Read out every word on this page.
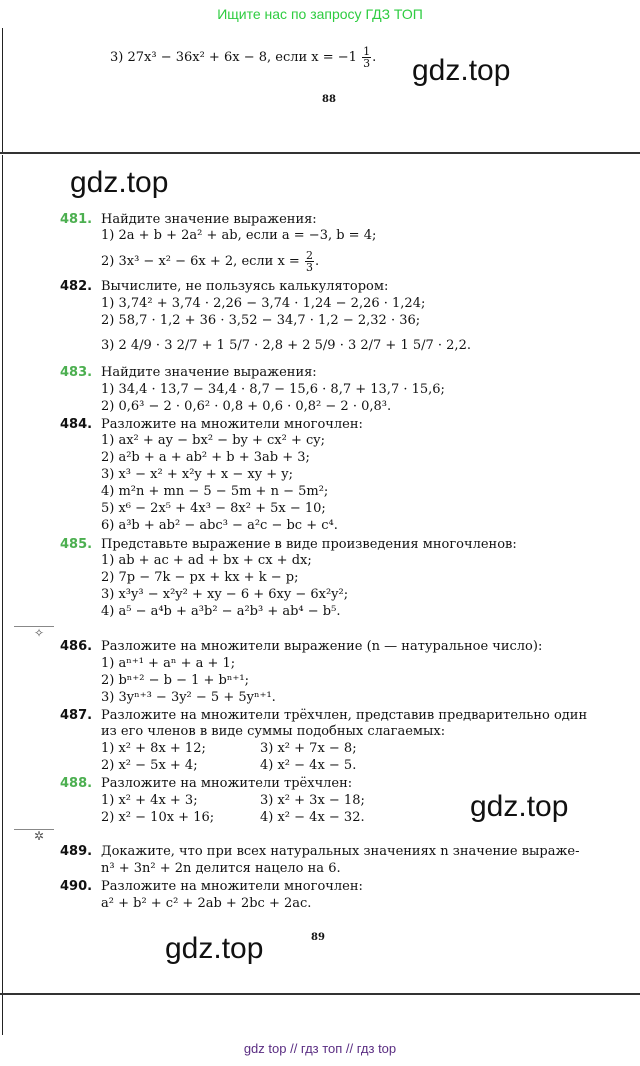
Ищите нас по запросу ГДЗ ТОП
3) 27x³ − 36x² + 6x − 8, если $x = -1 \frac{1}{3}$ . gdz.top
88
gdz.top
481. Найдите значение выражения:
1) 2a + b + 2a² + ab, если a = −3, b = 4;
2) 3x³ − x² − 6x + 2, если $x = \frac{2}{3}$ .
482. Вычислите, не пользуясь калькулятором:
1) 3,74² + 3,74 · 2,26 − 3,74 · 1,24 − 2,26 · 1,24;
2) 58,7 · 1,2 + 36 · 3,52 − 34,7 · 1,2 − 2,32 · 36;
3) 2 4/9 · 3 2/7 + 1 5/7 · 2,8 + 2 5/9 · 3 2/7 + 1 5/7 · 2,2.
483. Найдите значение выражения:
1) 34,4 · 13,7 − 34,4 · 8,7 − 15,6 · 8,7 + 13,7 · 15,6;
2) 0,6³ − 2 · 0,6² · 0,8 + 0,6 · 0,8² − 2 · 0,8³.
484. Разложите на множители многочлен:
1) ax² + ay − bx² − by + cx² + cy;
2) a²b + a + ab² + b + 3ab + 3;
3) x³ − x² + x²y + x − xy + y;
4) m²n + mn − 5 − 5m + n − 5m²;
5) x⁶ − 2x⁵ + 4x³ − 8x² + 5x − 10;
6) a³b + ab² − abc³ − a²c − bc + c⁴.
485. Представьте выражение в виде произведения многочленов:
1) ab + ac + ad + bx + cx + dx;
2) 7p − 7k − px + kx + k − p;
3) x³y³ − x²y² + xy − 6 + 6xy − 6x²y²;
4) a⁵ − a⁴b + a³b² − a²b³ + ab⁴ − b⁵.
✧
486. Разложите на множители выражение (n — натуральное число):
1) aⁿ⁺¹ + aⁿ + a + 1;
2) bⁿ⁺² − b − 1 + bⁿ⁺¹;
3) 3yⁿ⁺³ − 3y² − 5 + 5yⁿ⁺¹.
487. Разложите на множители трёхчлен, представив предварительно один
из его членов в виде суммы подобных слагаемых:
1) x² + 8x + 12;	3) x² + 7x − 8;
2) x² − 5x + 4;	4) x² − 4x − 5.
488. Разложите на множители трёхчлен:
1) x² + 4x + 3;	3) x² + 3x − 18;
2) x² − 10x + 16;	4) x² − 4x − 32.	gdz.top
✲
489. Докажите, что при всех натуральных значениях n значение выраже-
n³ + 3n² + 2n делится нацело на 6.
490. Разложите на множители многочлен:
a² + b² + c² + 2ab + 2bc + 2ac.
gdz.top	89
gdz top // гдз топ // гдз top
